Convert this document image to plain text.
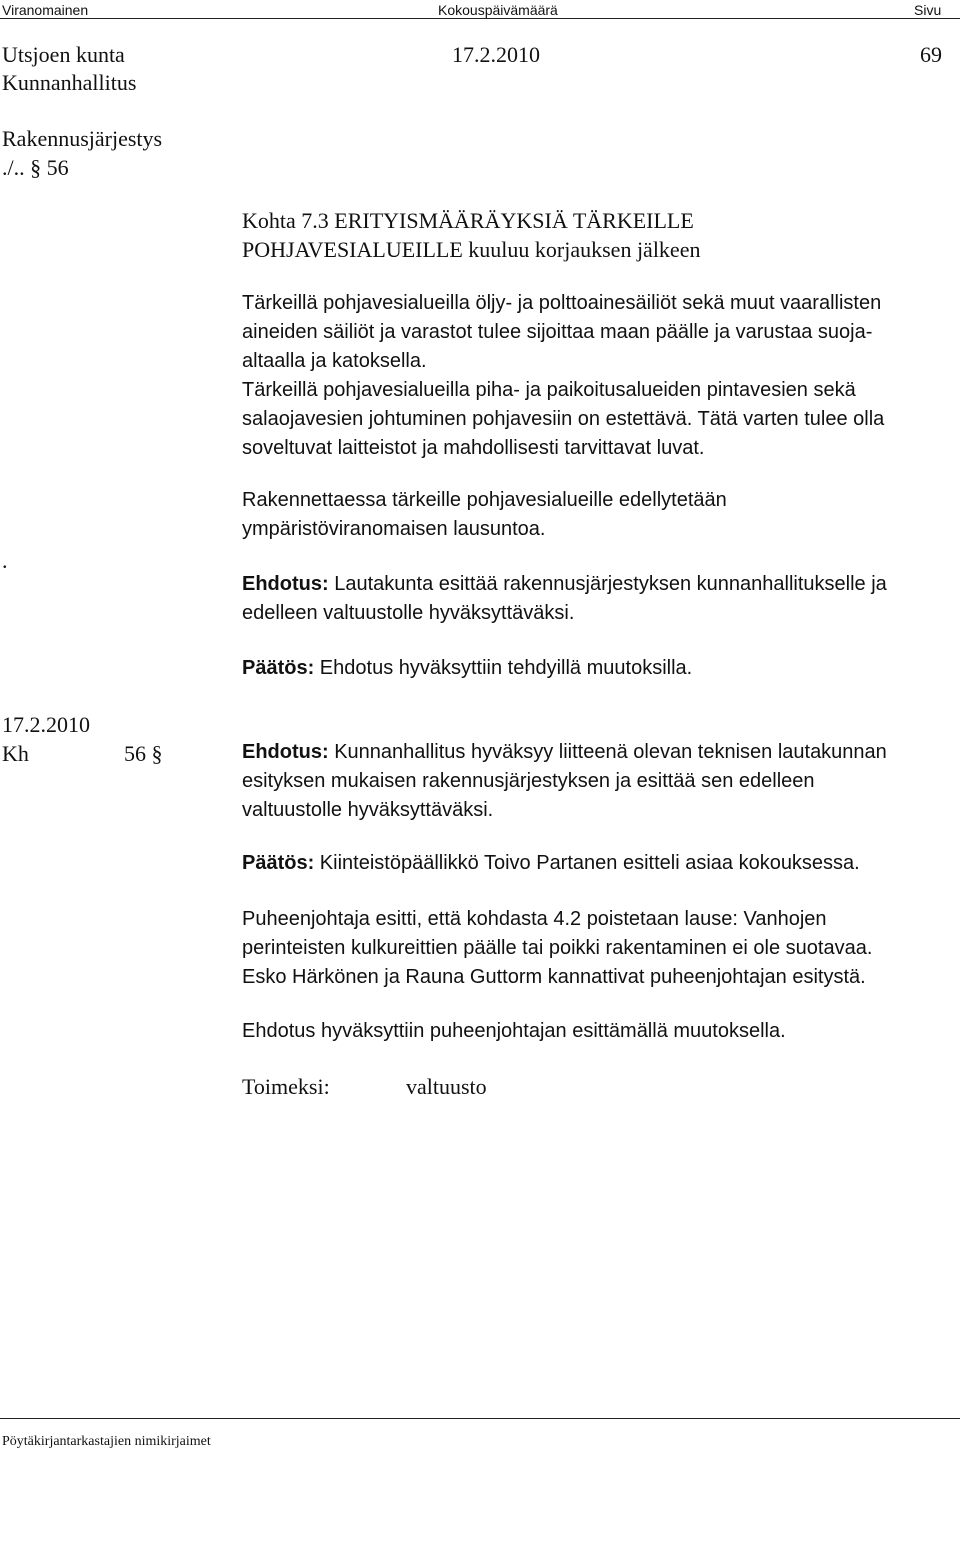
Viranomainen	Kokouspäivämäärä	Sivu
Utsjoen kunta
Kunnanhallitus
17.2.2010	69
Rakennusjärjestys
./.. § 56
Kohta 7.3 ERITYISMÄÄRÄYKSIÄ TÄRKEILLE
POHJAVESIALUEILLE kuuluu korjauksen jälkeen
Tärkeillä pohjavesialueilla öljy- ja polttoainesäiliöt sekä muut vaarallisten
aineiden säiliöt ja varastot tulee sijoittaa maan päälle ja varustaa suoja-
altaalla ja katoksella.
Tärkeillä pohjavesialueilla piha- ja paikoitusalueiden pintavesien sekä
salaojavesien johtuminen pohjavesiin on estettävä. Tätä varten tulee olla
soveltuvat laitteistot ja mahdollisesti tarvittavat luvat.
Rakennettaessa tärkeille pohjavesialueille edellytetään
ympäristöviranomaisen lausuntoa.
.
Ehdotus: Lautakunta esittää rakennusjärjestyksen kunnanhallitukselle ja
edelleen valtuustolle hyväksyttäväksi.
Päätös: Ehdotus hyväksyttiin tehdyillä muutoksilla.
17.2.2010
Kh	56 §	Ehdotus: Kunnanhallitus hyväksyy liitteenä olevan teknisen lautakunnan
esityksen mukaisen rakennusjärjestyksen ja esittää sen edelleen
valtuustolle hyväksyttäväksi.
Päätös: Kiinteistöpäällikkö Toivo Partanen esitteli asiaa kokouksessa.
Puheenjohtaja esitti, että kohdasta 4.2 poistetaan lause: Vanhojen
perinteisten kulkureittien päälle tai poikki rakentaminen ei ole suotavaa.
Esko Härkönen ja Rauna Guttorm kannattivat puheenjohtajan esitystä.
Ehdotus hyväksyttiin puheenjohtajan esittämällä muutoksella.
Toimeksi:	valtuusto
Pöytäkirjantarkastajien nimikirjaimet
